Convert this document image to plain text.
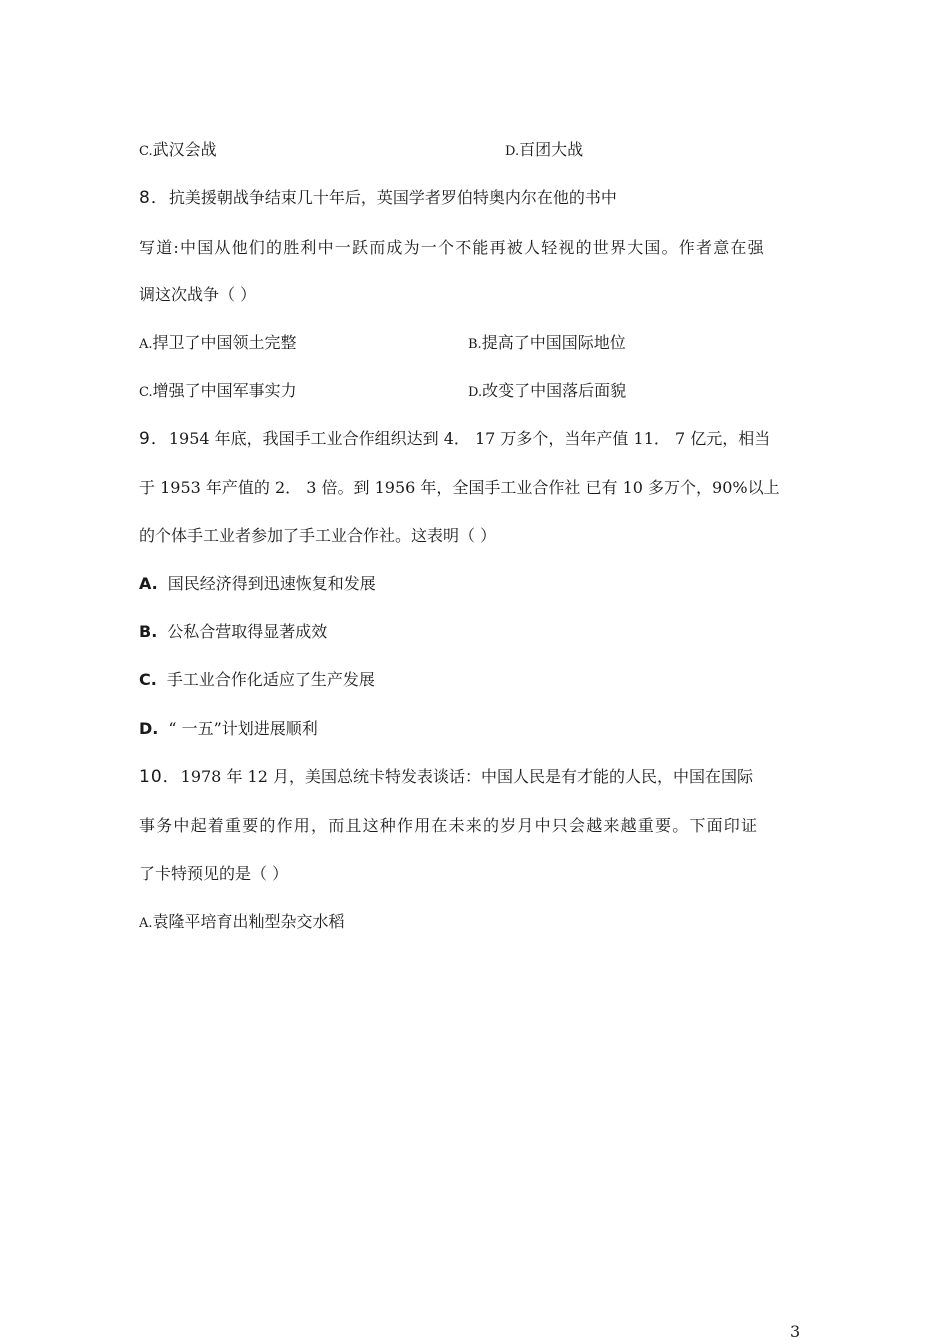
C.武汉会战	D.百团大战
8．抗美援朝战争结束几十年后，英国学者罗伯特奥内尔在他的书中
写道:中国从他们的胜利中一跃而成为一个不能再被人轻视的世界大国。作者意在强
调这次战争（ ）
A.捍卫了中国领土完整	B.提高了中国国际地位
C.增强了中国军事实力	D.改变了中国落后面貌
9．1954 年底，我国手工业合作组织达到 4． 17 万多个，当年产值 11． 7 亿元，相当
于 1953 年产值的 2． 3 倍。到 1956 年，全国手工业合作社 已有 10 多万个，90%以上
的个体手工业者参加了手工业合作社。这表明（ ）
A. 国民经济得到迅速恢复和发展
B. 公私合营取得显著成效
C. 手工业合作化适应了生产发展
D. “ 一五”计划进展顺利
10．1978 年 12 月，美国总统卡特发表谈话：中国人民是有才能的人民，中国在国际
事务中起着重要的作用，而且这种作用在未来的岁月中只会越来越重要。下面印证
了卡特预见的是（ ）
A.袁隆平培育出籼型杂交水稻
3
